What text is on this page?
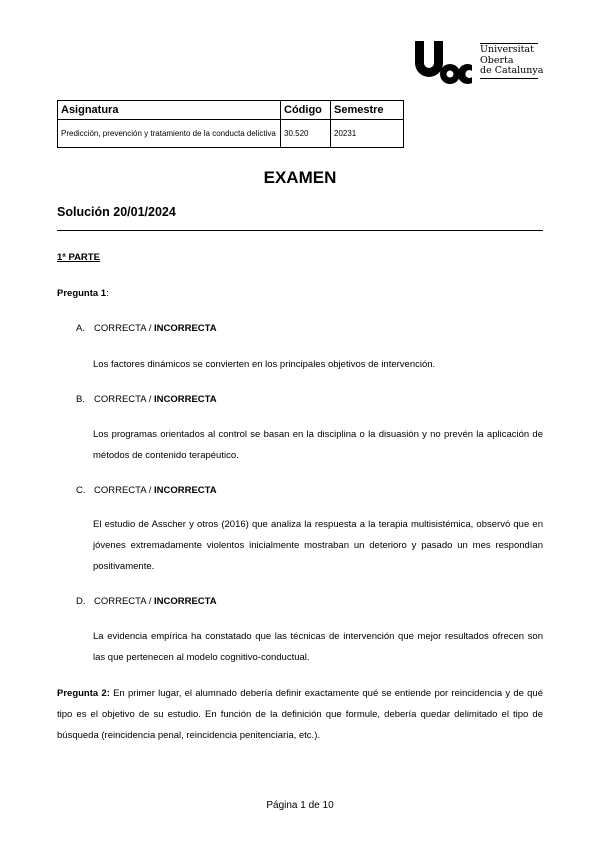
Universitat
Oberta
de Catalunya
Asignatura	Código	Semestre
Predicción, prevención y tratamiento de la conducta delictiva	30.520	20231
EXAMEN
Solución 20/01/2024
1ª PARTE
Pregunta 1:
A. CORRECTA / INCORRECTA
Los factores dinámicos se convierten en los principales objetivos de intervención.
B. CORRECTA / INCORRECTA
Los programas orientados al control se basan en la disciplina o la disuasión y no prevén la aplicación de métodos de contenido terapéutico.
C. CORRECTA / INCORRECTA
El estudio de Asscher y otros (2016) que analiza la respuesta a la terapia multisistémica, observó que en jóvenes extremadamente violentos inicialmente mostraban un deterioro y pasado un mes respondían positivamente.
D. CORRECTA / INCORRECTA
La evidencia empírica ha constatado que las técnicas de intervención que mejor resultados ofrecen son las que pertenecen al modelo cognitivo-conductual.
Pregunta 2: En primer lugar, el alumnado debería definir exactamente qué se entiende por reincidencia y de qué tipo es el objetivo de su estudio. En función de la definición que formule, debería quedar delimitado el tipo de búsqueda (reincidencia penal, reincidencia penitenciaria, etc.).
Página 1 de 10
